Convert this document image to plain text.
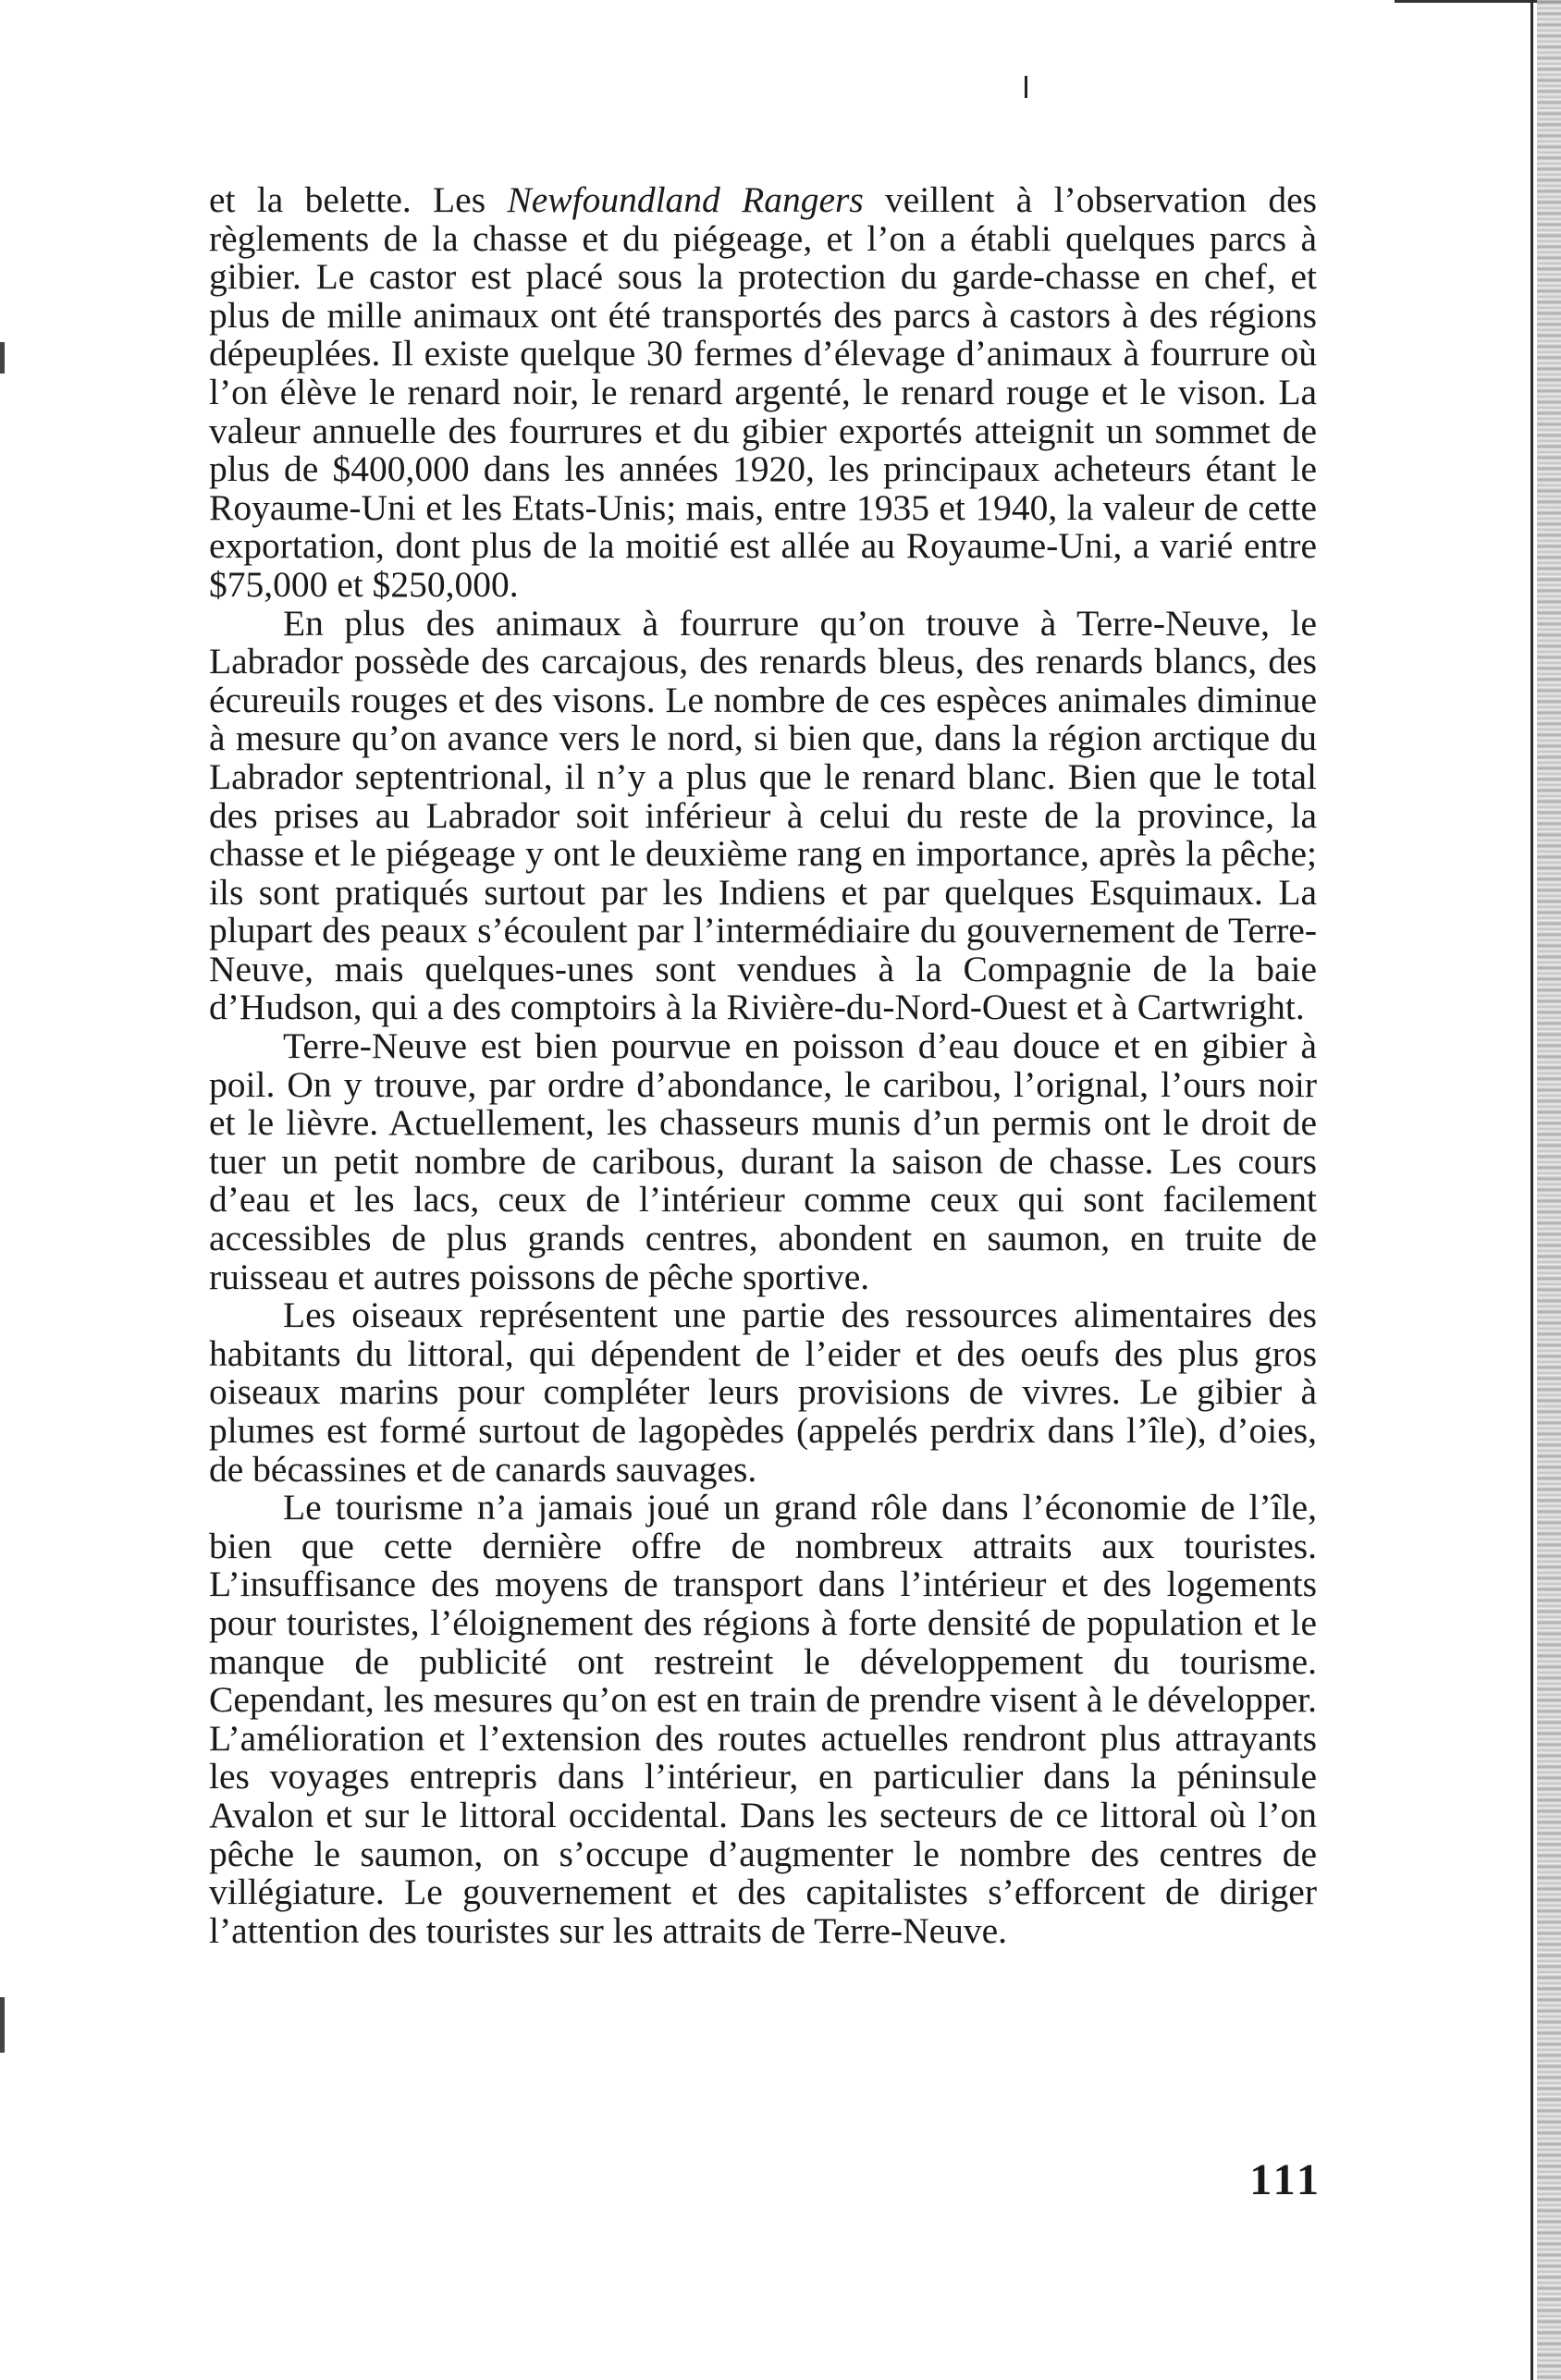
et la belette. Les Newfoundland Rangers veillent à l’observation des règlements de la chasse et du piégeage, et l’on a établi quelques parcs à gibier. Le castor est placé sous la protection du garde-chasse en chef, et plus de mille animaux ont été transportés des parcs à castors à des régions dépeuplées. Il existe quelque 30 fermes d’élevage d’animaux à fourrure où l’on élève le renard noir, le renard argenté, le renard rouge et le vison. La valeur annuelle des fourrures et du gibier exportés atteignit un sommet de plus de $400,000 dans les années 1920, les principaux acheteurs étant le Royaume-Uni et les Etats-Unis; mais, entre 1935 et 1940, la valeur de cette exportation, dont plus de la moitié est allée au Royaume-Uni, a varié entre $75,000 et $250,000.

En plus des animaux à fourrure qu’on trouve à Terre-Neuve, le Labrador possède des carcajous, des renards bleus, des renards blancs, des écureuils rouges et des visons. Le nombre de ces espèces animales diminue à mesure qu’on avance vers le nord, si bien que, dans la région arctique du Labrador septentrional, il n’y a plus que le renard blanc. Bien que le total des prises au Labrador soit inférieur à celui du reste de la province, la chasse et le piégeage y ont le deuxième rang en importance, après la pêche; ils sont pratiqués surtout par les Indiens et par quelques Esquimaux. La plupart des peaux s’écoulent par l’intermédiaire du gouvernement de Terre-Neuve, mais quelques-unes sont vendues à la Compagnie de la baie d’Hudson, qui a des comptoirs à la Rivière-du-Nord-Ouest et à Cartwright.

Terre-Neuve est bien pourvue en poisson d’eau douce et en gibier à poil. On y trouve, par ordre d’abondance, le caribou, l’orignal, l’ours noir et le lièvre. Actuellement, les chasseurs munis d’un permis ont le droit de tuer un petit nombre de caribous, durant la saison de chasse. Les cours d’eau et les lacs, ceux de l’intérieur comme ceux qui sont facilement accessibles de plus grands centres, abondent en saumon, en truite de ruisseau et autres poissons de pêche sportive.

Les oiseaux représentent une partie des ressources alimentaires des habitants du littoral, qui dépendent de l’eider et des oeufs des plus gros oiseaux marins pour compléter leurs provisions de vivres. Le gibier à plumes est formé surtout de lagopèdes (appelés perdrix dans l’île), d’oies, de bécassines et de canards sauvages.

Le tourisme n’a jamais joué un grand rôle dans l’économie de l’île, bien que cette dernière offre de nombreux attraits aux touristes. L’insuffisance des moyens de transport dans l’intérieur et des logements pour touristes, l’éloignement des régions à forte densité de population et le manque de publicité ont restreint le développement du tourisme. Cependant, les mesures qu’on est en train de prendre visent à le développer. L’amélioration et l’extension des routes actuelles rendront plus attrayants les voyages entrepris dans l’intérieur, en particulier dans la péninsule Avalon et sur le littoral occidental. Dans les secteurs de ce littoral où l’on pêche le saumon, on s’occupe d’augmenter le nombre des centres de villégiature. Le gouvernement et des capitalistes s’efforcent de diriger l’attention des touristes sur les attraits de Terre-Neuve.

111
